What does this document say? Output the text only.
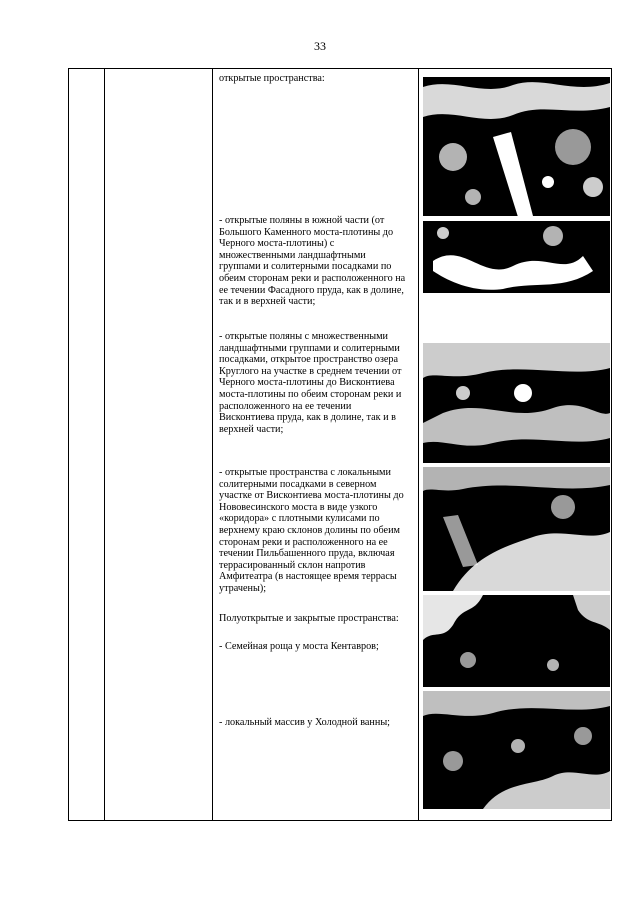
33
открытые пространства:
- открытые поляны в южной части (от Большого Каменного моста-плотины до Черного моста-плотины) с множественными ландшафтными группами и солитерными посадками по обеим сторонам реки и расположенного на ее течении Фасадного пруда, как в долине, так и в верхней части;
- открытые поляны с множественными ландшафтными группами и солитерными посадками, открытое пространство озера Круглого на участке в среднем течении от Черного моста-плотины до Висконтиева моста-плотины по обеим сторонам реки и расположенного на ее течении Висконтиева пруда, как в долине, так и в верхней части;
- открытые пространства с локальными солитерными посадками в северном участке от Висконтиева моста-плотины до Нововесинского моста в виде узкого «коридора» с плотными кулисами по верхнему краю склонов долины по обеим сторонам реки и расположенного на ее течении Пильбашенного пруда, включая террасированный склон напротив Амфитеатра (в настоящее время террасы утрачены);
Полуоткрытые и закрытые пространства:
- Семейная роща у моста Кентавров;
- локальный массив у Холодной ванны;
